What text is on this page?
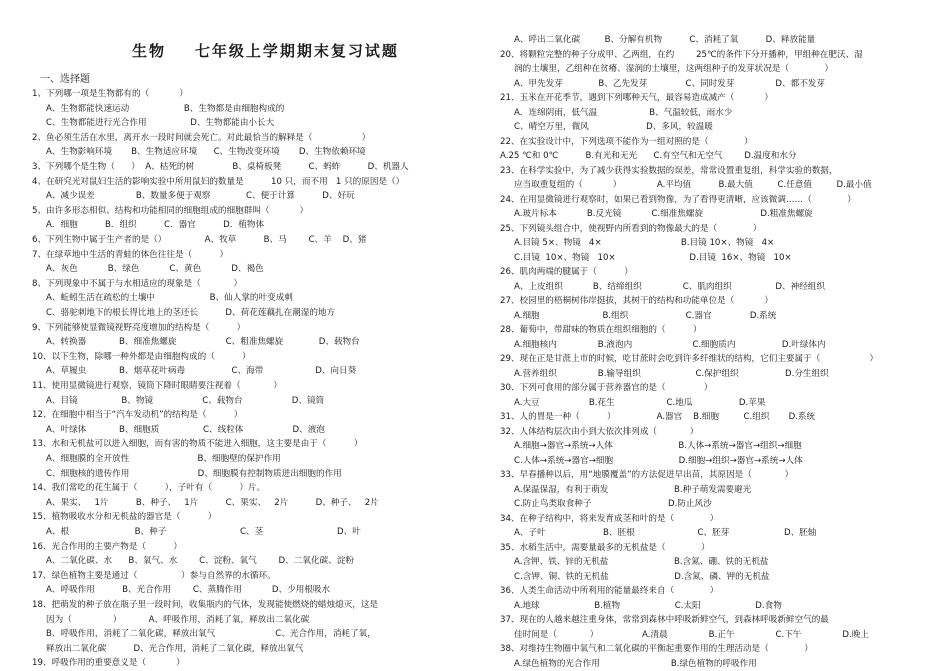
生物    七年级上学期期末复习试题
一、选择题
1、下列哪一项是生物都有的（           ）
A、生物都能快速运动                    B、生物都是由细胞构成的
C、生物都能进行光合作用                D、生物都能由小长大
2、鱼必须生活在水里，离开水一段时间就会死亡。对此最恰当的解释是（                  ）
A、生物影响环境       B、生物适应环境      C、生物改变环境       D、生物依赖环境
3、下列哪个是生物（      ）  A、枯死的树              B、桌椅板凳          C、蚂蚱          D、机器人
4、在研究光对鼠妇生活的影响实验中所用鼠妇的数量是          10 只，而不用   1 只的原因是（）
A、减少误差               B、数量多便于观察             C、便于计算          D、好玩
5、由许多形态相似、结构和功能相同的细胞组成的细胞群叫（           ）
A．细胞          B．组织          C．器官          D．植物体
6、下列生物中属于生产者的是（）              A、牧草          B、马        C、羊    D、猪
7、在绿草地中生活的青蛙的体色往往是（          ）
A、灰色           B、绿色           C、黄色           D、褐色
8、下列现象中不属于与水相适应的现象是（            ）
A、蚯蚓生活在疏松的土壤中                    B、仙人掌的叶变成刺
C、骆驼刺地下的根长得比地上的茎还长          D、荷花莲藕扎在潮湿的地方
9、下列能够使显微镜视野亮度增加的结构是（          ）
A、转换器            B、细准焦螺旋                  C、粗准焦螺旋             D、载物台
10、以下生物，除哪一种外都是由细胞构成的（          ）
A、草履虫            B、烟草花叶病毒                 C、海带                   D、向日葵
11、使用显微镜进行观察，镜筒下降时眼睛要注视着（            ）
A、目镜                B、物镜                  C、载物台                  D、镜筒
12、在细胞中相当于“汽车发动机”的结构是（          ）
A、叶绿体            B、细胞质                C、线粒体                  D、液泡
13、水和无机盐可以进入细胞，而有害的物质不能进入细胞，这主要是由于（          ）
A、细胞膜的全开放性                         B、细胞壁的保护作用
C、细胞核的遗传作用                         D、细胞膜有控制物质进出细胞的作用
14、我们常吃的花生属于（          ），子叶有（          ）片。
A、果实、   1片          B、种子、   1片          C、果实、   2片          D、种子、   2片
15、植物吸收水分和无机盐的器官是（          ）
A、根                        B、种子                           C、茎                           D、叶
16、光合作用的主要产物是（          ）
A、二氧化碳、水      B、氧气、水        C、淀粉、氧气        D、二氧化碳、淀粉
17、绿色植物主要是通过（                ）参与自然界的水循环。
A、呼吸作用          B、光合作用        C、蒸腾作用           D、少用根吸水
18、把萌发的种子放在瓶子里一段时间，收集瓶内的气体，发现能使燃烧的蜡烛熄灭，这是
因为（               ）          A、呼吸作用，消耗了氧，释放出二氧化碳
B、呼吸作用，消耗了二氧化碳，释放出氧气                      C、光合作用，消耗了氧，
释放出二氧化碳          D、光合作用，消耗了二氧化碳，释放出氧气
19、呼吸作用的重要意义是（           ）
A、呼出二氧化碳         B、分解有机物          C、消耗了氧          D、释放能量
20、将颗粒完整的种子分成甲、乙两组，在约        25℃的条件下分开播种，甲组种在肥沃、湿
润的土壤里，乙组种在贫瘠、湿润的土壤里，这两组种子的发芽状况是（             ）
A、甲先发芽             B、乙先发芽              C、同时发芽               D、都不发芽
21、玉米在开花季节，遇到下列哪种天气，最容易造成减产（           ）
A．连绵阴雨，低气温                   B、气温较低，雨水少
C、晴空万里，微风                     D、多风，较温暖
22、在实验设计中，下列选项不能作为一组对照的是（             ）
A.25 ℃和 0℃          B.有光和无光      C.有空气和无空气        D.温度和水分
23、在科学实验中，为了减少获得实验数据的误差，常常设置重复组，科学实验的数据，
应当取重复组的（           ）             A.平均值          B.最大值         C.任意值         D.最小值
24、在用显微镜进行观察时，如果已看到物像，为了看得更清晰，应该微调……（             ）
A.玻片标本           B.反光镜           C.细准焦螺旋                     D.粗准焦螺旋
25、下列镜头组合中，使视野内所看到的物像最大的是（             ）
A.目镜 5×、物镜   4×                             B.目镜 10×、物镜   4×
C.目镜  10×、物镜   10×                           D.目镜  16×、物镜   10×
26、肌肉两端的腱属于（          ）
A、上皮组织           B、结缔组织               C、肌肉组织                D、神经组织
27、校园里的梧桐树伟岸挺拔，其树干的结构和功能单位是（           ）
A.细胞                       B.组织                     C.器官              D.系统
28、葡萄中，带甜味的物质在组织细胞的（          ）
A.细胞核内               B.液泡内                      C.细胞质内                 D.叶绿体内
29、现在正是甘蔗上市的时候，吃甘蔗时会吃到许多纤维状的结构，它们主要属于（                  ）
A.营养组织               B.输导组织                    C.保护组织                 D.分生组织
30、下列可食用的部分属于营养器官的是（              ）
A.大豆                  B.花生                   C.地瓜                 D.苹果
31、人的胃是一种（          ）               A.器官    B.细胞         C.组织       D.系统
32、人体结构层次由小到大依次排列成（            ）
A.细胞→器官→系统→人体                        B.人体→系统→器官→组织→细胞
C.人体→系统→器官→细胞                        D.细胞→组织→器官→系统→人体
33、早春播种以后，用“地膜覆盖”的方法促进早出苗，其原因是（            ）
A.保温保湿，有利于萌发                        B.种子萌发需要避光
C.防止鸟类取食种子                            D.防止风沙
34、在种子结构中，将来发育成茎和叶的是（             ）
A、子叶                     B、胚根                       C、胚芽                    D、胚轴
35、水稻生活中，需要量最多的无机盐是（             ）
A.含钾、铁、锌的无机盐                        B.含氮、硼、铁的无机盐
C.含钾、铜、铁的无机盐                        D.含氮、磷、钾的无机盐
36、人类生命活动中所利用的能量最终来自（             ）
A.地球                    B.植物                    C.太阳                    D.食物
37、现在的人越来越注重身体，常常到森林中呼吸新鲜空气，到森林呼吸新鲜空气的最
佳时间是（            ）                A.清晨               B.正午               C.下午               D.晚上
38、对维持生物圈中氧气和二氧化碳的平衡起重要作用的生理活动是（             ）
A.绿色植物的光合作用                          B.绿色植物的呼吸作用
